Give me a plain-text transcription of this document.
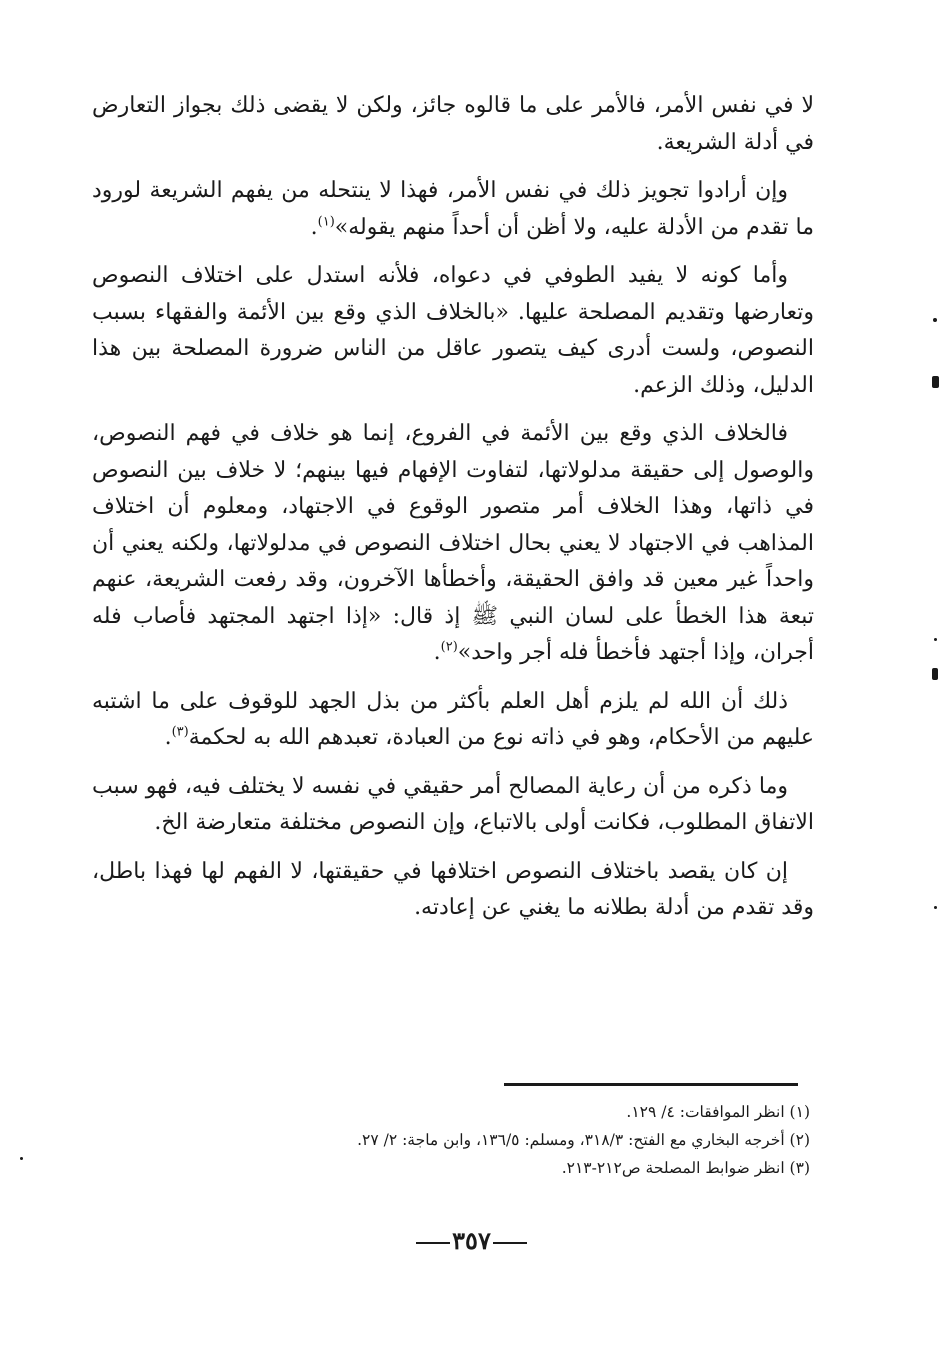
لا في نفس الأمر، فالأمر على ما قالوه جائز، ولكن لا يقضى ذلك بجواز التعارض في أدلة الشريعة.

وإن أرادوا تجويز ذلك في نفس الأمر، فهذا لا ينتحله من يفهم الشريعة لورود ما تقدم من الأدلة عليه، ولا أظن أن أحداً منهم يقوله»$^{(١)}$.

وأما كونه لا يفيد الطوفي في دعواه، فلأنه استدل على اختلاف النصوص وتعارضها وتقديم المصلحة عليها. «بالخلاف الذي وقع بين الأئمة والفقهاء بسبب النصوص، ولست أدرى كيف يتصور عاقل من الناس ضرورة المصلحة بين هذا الدليل، وذلك الزعم.

فالخلاف الذي وقع بين الأئمة في الفروع، إنما هو خلاف في فهم النصوص، والوصول إلى حقيقة مدلولاتها، لتفاوت الإفهام فيها بينهم؛ لا خلاف بين النصوص في ذاتها، وهذا الخلاف أمر متصور الوقوع في الاجتهاد، ومعلوم أن اختلاف المذاهب في الاجتهاد لا يعني بحال اختلاف النصوص في مدلولاتها، ولكنه يعني أن واحداً غير معين قد وافق الحقيقة، وأخطأها الآخرون، وقد رفعت الشريعة، عنهم تبعة هذا الخطأ على لسان النبي ﷺ إذ قال: «إذا اجتهد المجتهد فأصاب فله أجران، وإذا أجتهد فأخطأ فله أجر واحد»$^{(٢)}$.

ذلك أن الله لم يلزم أهل العلم بأكثر من بذل الجهد للوقوف على ما اشتبه عليهم من الأحكام، وهو في ذاته نوع من العبادة، تعبدهم الله به لحكمة$^{(٣)}$.

وما ذكره من أن رعاية المصالح أمر حقيقي في نفسه لا يختلف فيه، فهو سبب الاتفاق المطلوب، فكانت أولى بالاتباع، وإن النصوص مختلفة متعارضة الخ.

إن كان يقصد باختلاف النصوص اختلافها في حقيقتها، لا الفهم لها فهذا باطل، وقد تقدم من أدلة بطلانه ما يغني عن إعادته.

(١) انظر الموافقات: ٤/ ١٢٩.

(٢) أخرجه البخاري مع الفتح: ٣١٨/٣، ومسلم: ١٣٦/٥، وابن ماجة: ٢/ ٢٧.

(٣) انظر ضوابط المصلحة ص٢١٢-٢١٣.

٣٥٧
